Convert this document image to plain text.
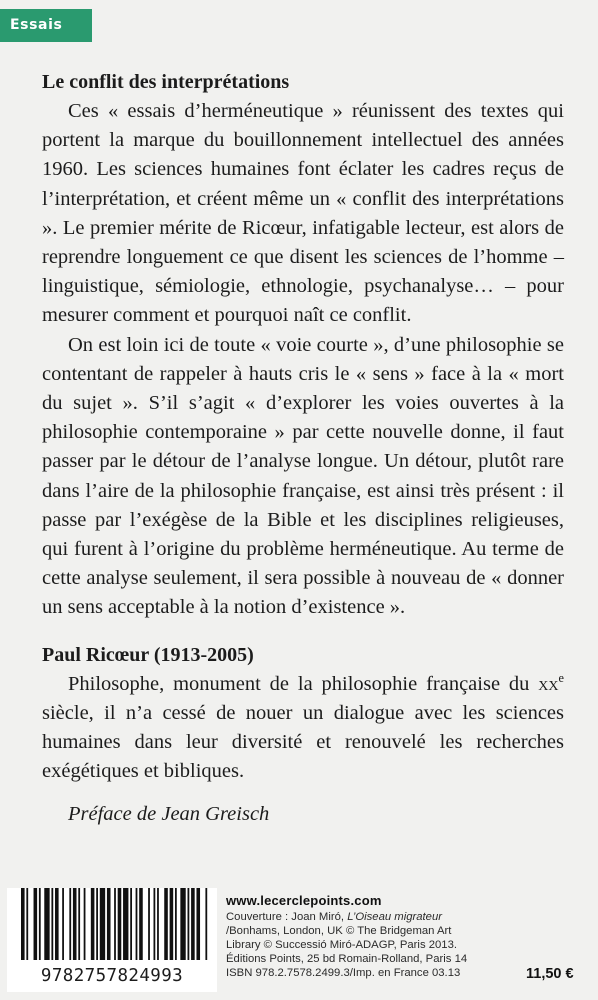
Essais
Le conflit des interprétations

Ces « essais d’herméneutique » réunissent des textes qui portent la marque du bouillonnement intellectuel des années 1960. Les sciences humaines font éclater les cadres reçus de l’interprétation, et créent même un « conflit des interprétations ». Le premier mérite de Ricœur, infatigable lecteur, est alors de reprendre longuement ce que disent les sciences de l’homme – linguistique, sémiologie, ethnologie, psychanalyse… – pour mesurer comment et pourquoi naît ce conflit.

On est loin ici de toute « voie courte », d’une philosophie se contentant de rappeler à hauts cris le « sens » face à la « mort du sujet ». S’il s’agit « d’explorer les voies ouvertes à la philosophie contemporaine » par cette nouvelle donne, il faut passer par le détour de l’analyse longue. Un détour, plutôt rare dans l’aire de la philosophie française, est ainsi très présent : il passe par l’exégèse de la Bible et les disciplines religieuses, qui furent à l’origine du problème herméneutique. Au terme de cette analyse seulement, il sera possible à nouveau de « donner un sens acceptable à la notion d’existence ».

Paul Ricœur (1913-2005)

Philosophe, monument de la philosophie française du $xx^e$ siècle, il n’a cessé de nouer un dialogue avec les sciences humaines dans leur diversité et renouvelé les recherches exégétiques et bibliques.

Préface de Jean Greisch

9782757824993
www.lecerclepoints.com
Couverture : Joan Miró, L’Oiseau migrateur
/Bonhams, London, UK © The Bridgeman Art
Library © Successió Miró-ADAGP, Paris 2013.
Éditions Points, 25 bd Romain-Rolland, Paris 14
ISBN 978.2.7578.2499.3/Imp. en France 03.13	11,50 €
